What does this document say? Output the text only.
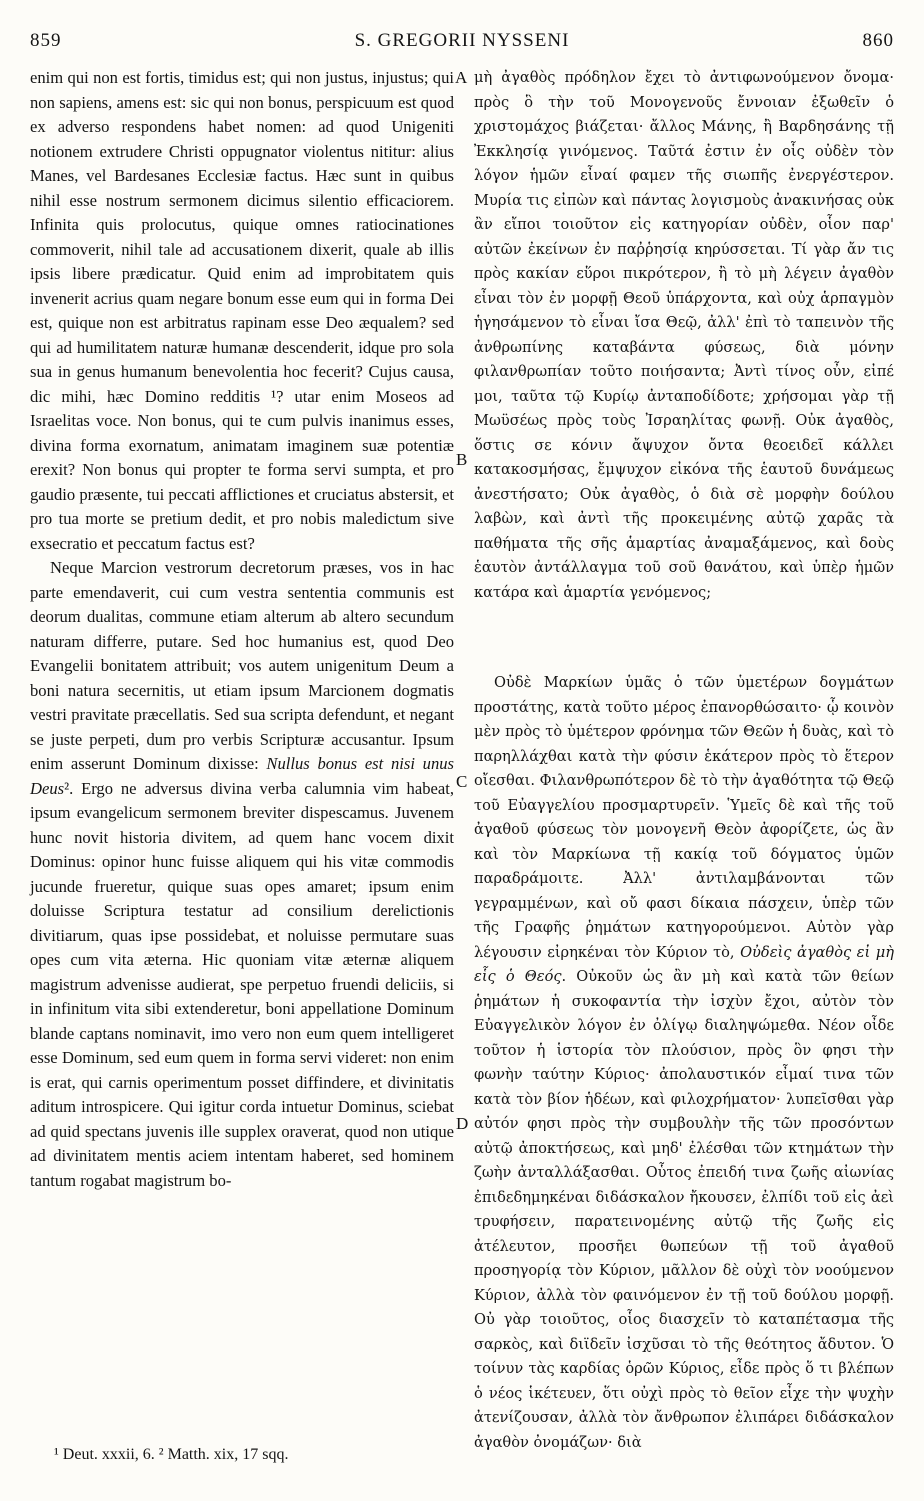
859	S. GREGORII NYSSENI	860
A
B
C
D

enim qui non est fortis, timidus est; qui non justus, injustus; qui non sapiens, amens est: sic qui non bonus, perspicuum est quod ex adverso respondens habet nomen: ad quod Unigeniti notionem extrudere Christi oppugnator violentus nititur: alius Manes, vel Bardesanes Ecclesiæ factus. Hæc sunt in quibus nihil esse nostrum sermonem dicimus silentio efficaciorem. Infinita quis prolocutus, quique omnes ratiocinationes commoverit, nihil tale ad accusationem dixerit, quale ab illis ipsis libere prædicatur. Quid enim ad improbitatem quis invenerit acrius quam negare bonum esse eum qui in forma Dei est, quique non est arbitratus rapinam esse Deo æqualem? sed qui ad humilitatem naturæ humanæ descenderit, idque pro sola sua in genus humanum benevolentia hoc fecerit? Cujus causa, dic mihi, hæc Domino redditis ¹? utar enim Moseos ad Israelitas voce. Non bonus, qui te cum pulvis inanimus esses, divina forma exornatum, animatam imaginem suæ potentiæ erexit? Non bonus qui propter te forma servi sumpta, et pro gaudio præsente, tui peccati afflictiones et cruciatus abstersit, et pro tua morte se pretium dedit, et pro nobis maledictum sive exsecratio et peccatum factus est?

Neque Marcion vestrorum decretorum præses, vos in hac parte emendaverit, cui cum vestra sententia communis est deorum dualitas, commune etiam alterum ab altero secundum naturam differre, putare. Sed hoc humanius est, quod Deo Evangelii bonitatem attribuit; vos autem unigenitum Deum a boni natura secernitis, ut etiam ipsum Marcionem dogmatis vestri pravitate præcellatis. Sed sua scripta defendunt, et negant se juste perpeti, dum pro verbis Scripturæ accusantur. Ipsum enim asserunt Dominum dixisse: Nullus bonus est nisi unus Deus². Ergo ne adversus divina verba calumnia vim habeat, ipsum evangelicum sermonem breviter dispescamus. Juvenem hunc novit historia divitem, ad quem hanc vocem dixit Dominus: opinor hunc fuisse aliquem qui his vitæ commodis jucunde frueretur, quique suas opes amaret; ipsum enim doluisse Scriptura testatur ad consilium derelictionis divitiarum, quas ipse possidebat, et noluisse permutare suas opes cum vita æterna. Hic quoniam vitæ æternæ aliquem magistrum advenisse audierat, spe perpetuo fruendi deliciis, si in infinitum vita sibi extenderetur, boni appellatione Dominum blande captans nominavit, imo vero non eum quem intelligeret esse Dominum, sed eum quem in forma servi videret: non enim is erat, qui carnis operimentum posset diffindere, et divinitatis aditum introspicere. Qui igitur corda intuetur Dominus, sciebat ad quid spectans juvenis ille supplex oraverat, quod non utique ad divinitatem mentis aciem intentam haberet, sed hominem tantum rogabat magistrum bo-

μὴ ἀγαθὸς πρόδηλον ἔχει τὸ ἀντιφωνούμενον ὄνομα· πρὸς ὃ τὴν τοῦ Μονογενοῦς ἔννοιαν ἐξωθεῖν ὁ χριστομάχος βιάζεται· ἄλλος Μάνης, ἢ Βαρδησάνης τῇ Ἐκκλησίᾳ γινόμενος. Ταῦτά ἐστιν ἐν οἷς οὐδὲν τὸν λόγον ἡμῶν εἶναί φαμεν τῆς σιωπῆς ἐνεργέστερον. Μυρία τις εἰπὼν καὶ πάντας λογισμοὺς ἀνακινήσας οὐκ ἂν εἴποι τοιοῦτον εἰς κατηγορίαν οὐδὲν, οἷον παρ' αὐτῶν ἐκείνων ἐν παῤῥησίᾳ κηρύσσεται. Τί γὰρ ἄν τις πρὸς κακίαν εὕροι πικρότερον, ἢ τὸ μὴ λέγειν ἀγαθὸν εἶναι τὸν ἐν μορφῇ Θεοῦ ὑπάρχοντα, καὶ οὐχ ἁρπαγμὸν ἡγησάμενον τὸ εἶναι ἴσα Θεῷ, ἀλλ' ἐπὶ τὸ ταπεινὸν τῆς ἀνθρωπίνης καταβάντα φύσεως, διὰ μόνην φιλανθρωπίαν τοῦτο ποιήσαντα; Ἀντὶ τίνος οὖν, εἰπέ μοι, ταῦτα τῷ Κυρίῳ ἀνταποδίδοτε; χρήσομαι γὰρ τῇ Μωϋσέως πρὸς τοὺς Ἰσραηλίτας φωνῇ. Οὐκ ἀγαθὸς, ὅστις σε κόνιν ἄψυχον ὄντα θεοειδεῖ κάλλει κατακοσμήσας, ἔμψυχον εἰκόνα τῆς ἑαυτοῦ δυνάμεως ἀνεστήσατο; Οὐκ ἀγαθὸς, ὁ διὰ σὲ μορφὴν δούλου λαβὼν, καὶ ἀντὶ τῆς προκειμένης αὐτῷ χαρᾶς τὰ παθήματα τῆς σῆς ἁμαρτίας ἀναμαξάμενος, καὶ δοὺς ἑαυτὸν ἀντάλλαγμα τοῦ σοῦ θανάτου, καὶ ὑπὲρ ἡμῶν κατάρα καὶ ἁμαρτία γενόμενος;

Οὐδὲ Μαρκίων ὑμᾶς ὁ τῶν ὑμετέρων δογμάτων προστάτης, κατὰ τοῦτο μέρος ἐπανορθώσαιτο· ᾧ κοινὸν μὲν πρὸς τὸ ὑμέτερον φρόνημα τῶν Θεῶν ἡ δυὰς, καὶ τὸ παρηλλάχθαι κατὰ τὴν φύσιν ἑκάτερον πρὸς τὸ ἕτερον οἴεσθαι. Φιλανθρωπότερον δὲ τὸ τὴν ἀγαθότητα τῷ Θεῷ τοῦ Εὐαγγελίου προσμαρτυρεῖν. Ὑμεῖς δὲ καὶ τῆς τοῦ ἀγαθοῦ φύσεως τὸν μονογενῆ Θεὸν ἀφορίζετε, ὡς ἂν καὶ τὸν Μαρκίωνα τῇ κακίᾳ τοῦ δόγματος ὑμῶν παραδράμοιτε. Ἀλλ' ἀντιλαμβάνονται τῶν γεγραμμένων, καὶ οὔ φασι δίκαια πάσχειν, ὑπὲρ τῶν τῆς Γραφῆς ῥημάτων κατηγορούμενοι. Αὐτὸν γὰρ λέγουσιν εἰρηκέναι τὸν Κύριον τὸ, Οὐδεὶς ἀγαθὸς εἰ μὴ εἷς ὁ Θεός. Οὐκοῦν ὡς ἂν μὴ καὶ κατὰ τῶν θείων ῥημάτων ἡ συκοφαντία τὴν ἰσχὺν ἔχοι, αὐτὸν τὸν Εὐαγγελικὸν λόγον ἐν ὀλίγῳ διαληψώμεθα. Νέον οἶδε τοῦτον ἡ ἱστορία τὸν πλούσιον, πρὸς ὃν φησι τὴν φωνὴν ταύτην Κύριος· ἀπολαυστικόν εἶμαί τινα τῶν κατὰ τὸν βίον ἡδέων, καὶ φιλοχρήματον· λυπεῖσθαι γὰρ αὐτόν φησι πρὸς τὴν συμβουλὴν τῆς τῶν προσόντων αὐτῷ ἀποκτήσεως, καὶ μηδ' ἐλέσθαι τῶν κτημάτων τὴν ζωὴν ἀνταλλάξασθαι. Οὗτος ἐπειδή τινα ζωῆς αἰωνίας ἐπιδεδημηκέναι διδάσκαλον ἤκουσεν, ἐλπίδι τοῦ εἰς ἀεὶ τρυφήσειν, παρατεινομένης αὐτῷ τῆς ζωῆς εἰς ἀτέλευτον, προσῆει θωπεύων τῇ τοῦ ἀγαθοῦ προσηγορίᾳ τὸν Κύριον, μᾶλλον δὲ οὐχὶ τὸν νοούμενον Κύριον, ἀλλὰ τὸν φαινόμενον ἐν τῇ τοῦ δούλου μορφῇ. Οὐ γὰρ τοιοῦτος, οἷος διασχεῖν τὸ καταπέτασμα τῆς σαρκὸς, καὶ διϊδεῖν ἰσχῦσαι τὸ τῆς θεότητος ἄδυτον. Ὁ τοίνυν τὰς καρδίας ὁρῶν Κύριος, εἶδε πρὸς ὅ τι βλέπων ὁ νέος ἱκέτευεν, ὅτι οὐχὶ πρὸς τὸ θεῖον εἶχε τὴν ψυχὴν ἀτενίζουσαν, ἀλλὰ τὸν ἄνθρωπον ἐλιπάρει διδάσκαλον ἀγαθὸν ὀνομάζων· διὰ

¹ Deut. xxxii, 6. ² Matth. xix, 17 sqq.
